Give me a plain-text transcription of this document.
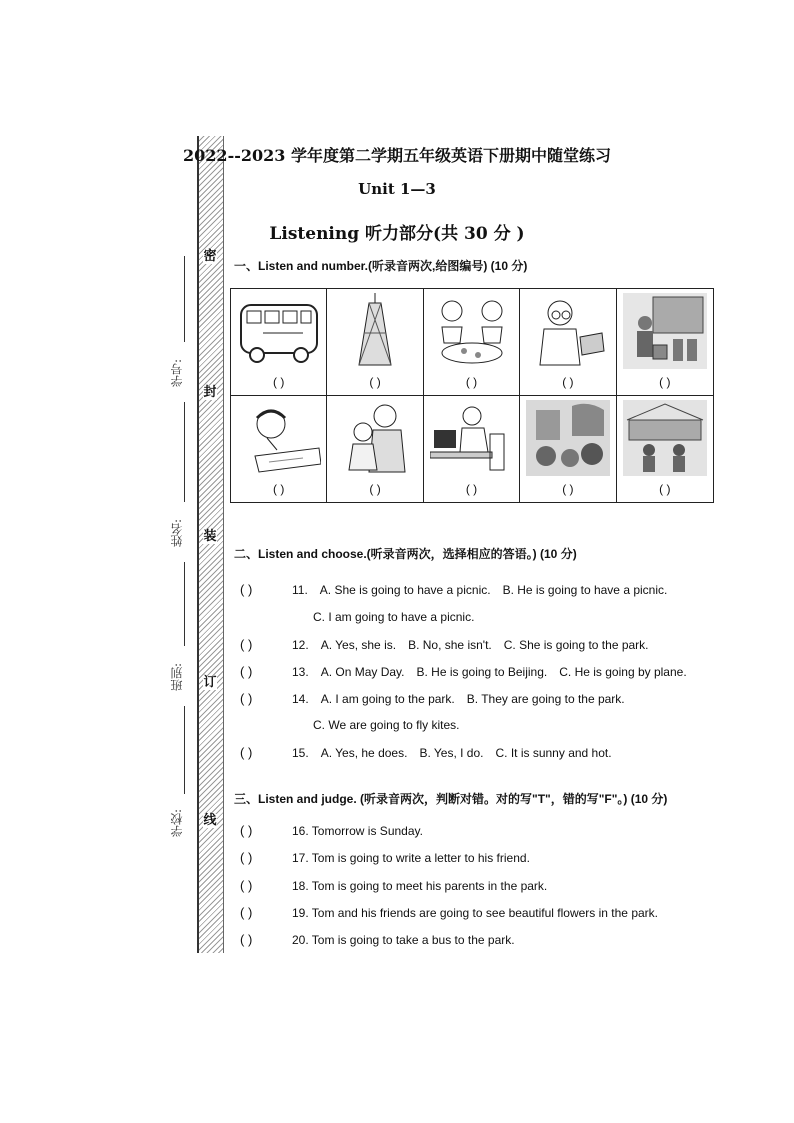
密
封
装
订
线
学号:
姓名:
班别:
学校:
2022--2023 学年度第二学期五年级英语下册期中随堂练习
Unit 1—3
Listening 听力部分(共 30 分 )
一、Listen and number.(听录音两次,给图编号) (10 分)
( )	( )	( )	( )	( )
( )	( )	( )	( )	( )
二、Listen and choose.(听录音两次，选择相应的答语。) (10 分)
( )	11. A. She is going to have a picnic. B. He is going to have a picnic.
C. I am going to have a picnic.
( )	12. A. Yes, she is. B. No, she isn't. C. She is going to the park.
( )	13. A. On May Day. B. He is going to Beijing. C. He is going by plane.
( )	14. A. I am going to the park. B. They are going to the park.
C. We are going to fly kites.
( )	15. A. Yes, he does. B. Yes, I do. C. It is sunny and hot.
三、Listen and judge. (听录音两次，判断对错。对的写"T"，错的写"F"。) (10 分)
( )	16. Tomorrow is Sunday.
( )	17. Tom is going to write a letter to his friend.
( )	18. Tom is going to meet his parents in the park.
( )	19. Tom and his friends are going to see beautiful flowers in the park.
( )	20. Tom is going to take a bus to the park.
